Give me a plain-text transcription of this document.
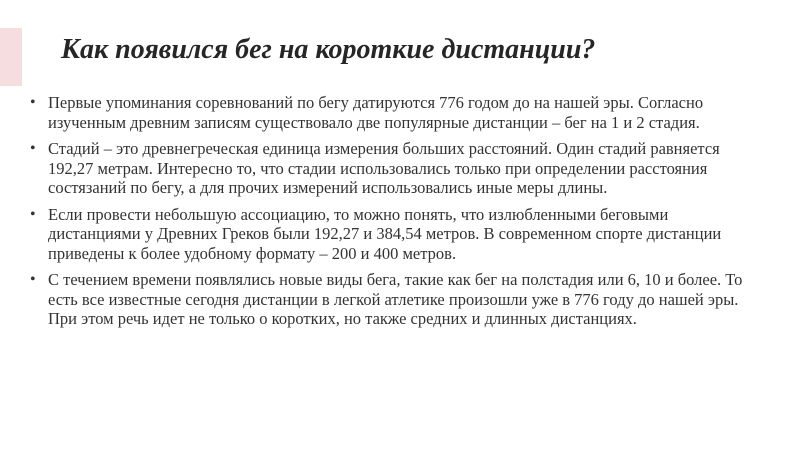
Как появился бег на короткие дистанции?
• Первые упоминания соревнований по бегу датируются 776 годом до на нашей эры. Согласно изученным древним записям существовало две популярные дистанции – бег на 1 и 2 стадия.
• Стадий – это древнегреческая единица измерения больших расстояний. Один стадий равняется 192,27 метрам. Интересно то, что стадии использовались только при определении расстояния состязаний по бегу, а для прочих измерений использовались иные меры длины.
• Если провести небольшую ассоциацию, то можно понять, что излюбленными беговыми дистанциями у Древних Греков были 192,27 и 384,54 метров. В современном спорте дистанции приведены к более удобному формату – 200 и 400 метров.
• С течением времени появлялись новые виды бега, такие как бег на полстадия или 6, 10 и более. То есть все известные сегодня дистанции в легкой атлетике произошли уже в 776 году до нашей эры. При этом речь идет не только о коротких, но также средних и длинных дистанциях.
